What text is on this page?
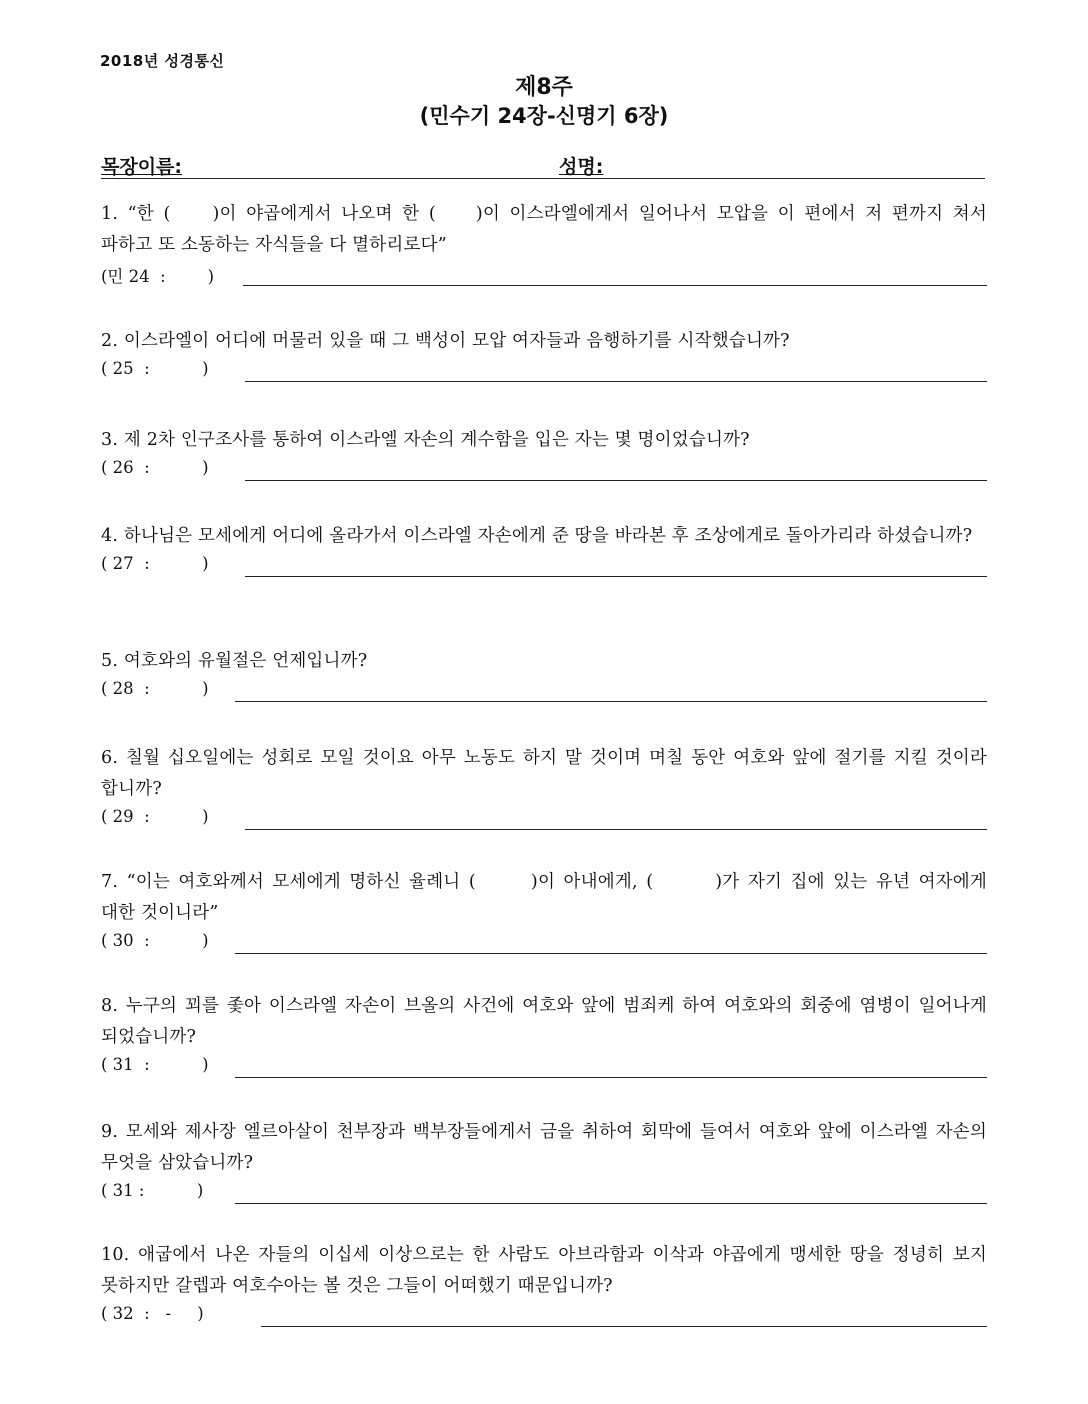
2018년 성경통신
제8주
(민수기 24장-신명기 6장)
목장이름:	성명:
1. “한 ( )이 야곱에게서 나오며 한 ( )이 이스라엘에게서 일어나서 모압을 이 편에서 저 편까지 쳐서 파하고 또 소동하는 자식들을 다 멸하리로다”
(민 24  :        )
2. 이스라엘이 어디에 머물러 있을 때 그 백성이 모압 여자들과 음행하기를 시작했습니까?
( 25  :          )
3. 제 2차 인구조사를 통하여 이스라엘 자손의 계수함을 입은 자는 몇 명이었습니까?
( 26  :          )
4. 하나님은 모세에게 어디에 올라가서 이스라엘 자손에게 준 땅을 바라본 후 조상에게로 돌아가리라 하셨습니까?
( 27  :          )
5. 여호와의 유월절은 언제입니까?
( 28  :          )
6. 칠월 십오일에는 성회로 모일 것이요 아무 노동도 하지 말 것이며 며칠 동안 여호와 앞에 절기를 지킬 것이라 합니까?
( 29  :          )
7. “이는 여호와께서 모세에게 명하신 율례니 (	)이 아내에게, (	)가 자기 집에 있는 유년 여자에게 대한 것이니라”
( 30  :          )
8. 누구의 꾀를 좇아 이스라엘 자손이 브올의 사건에 여호와 앞에 범죄케 하여 여호와의 회중에 염병이 일어나게 되었습니까?
( 31  :          )
9. 모세와 제사장 엘르아살이 천부장과 백부장들에게서 금을 취하여 회막에 들여서 여호와 앞에 이스라엘 자손의 무엇을 삼았습니까?
( 31 :          )
10. 애굽에서 나온 자들의 이십세 이상으로는 한 사람도 아브라함과 이삭과 야곱에게 맹세한 땅을 정녕히 보지 못하지만 갈렙과 여호수아는 볼 것은 그들이 어떠했기 때문입니까?
( 32  :   -     )
